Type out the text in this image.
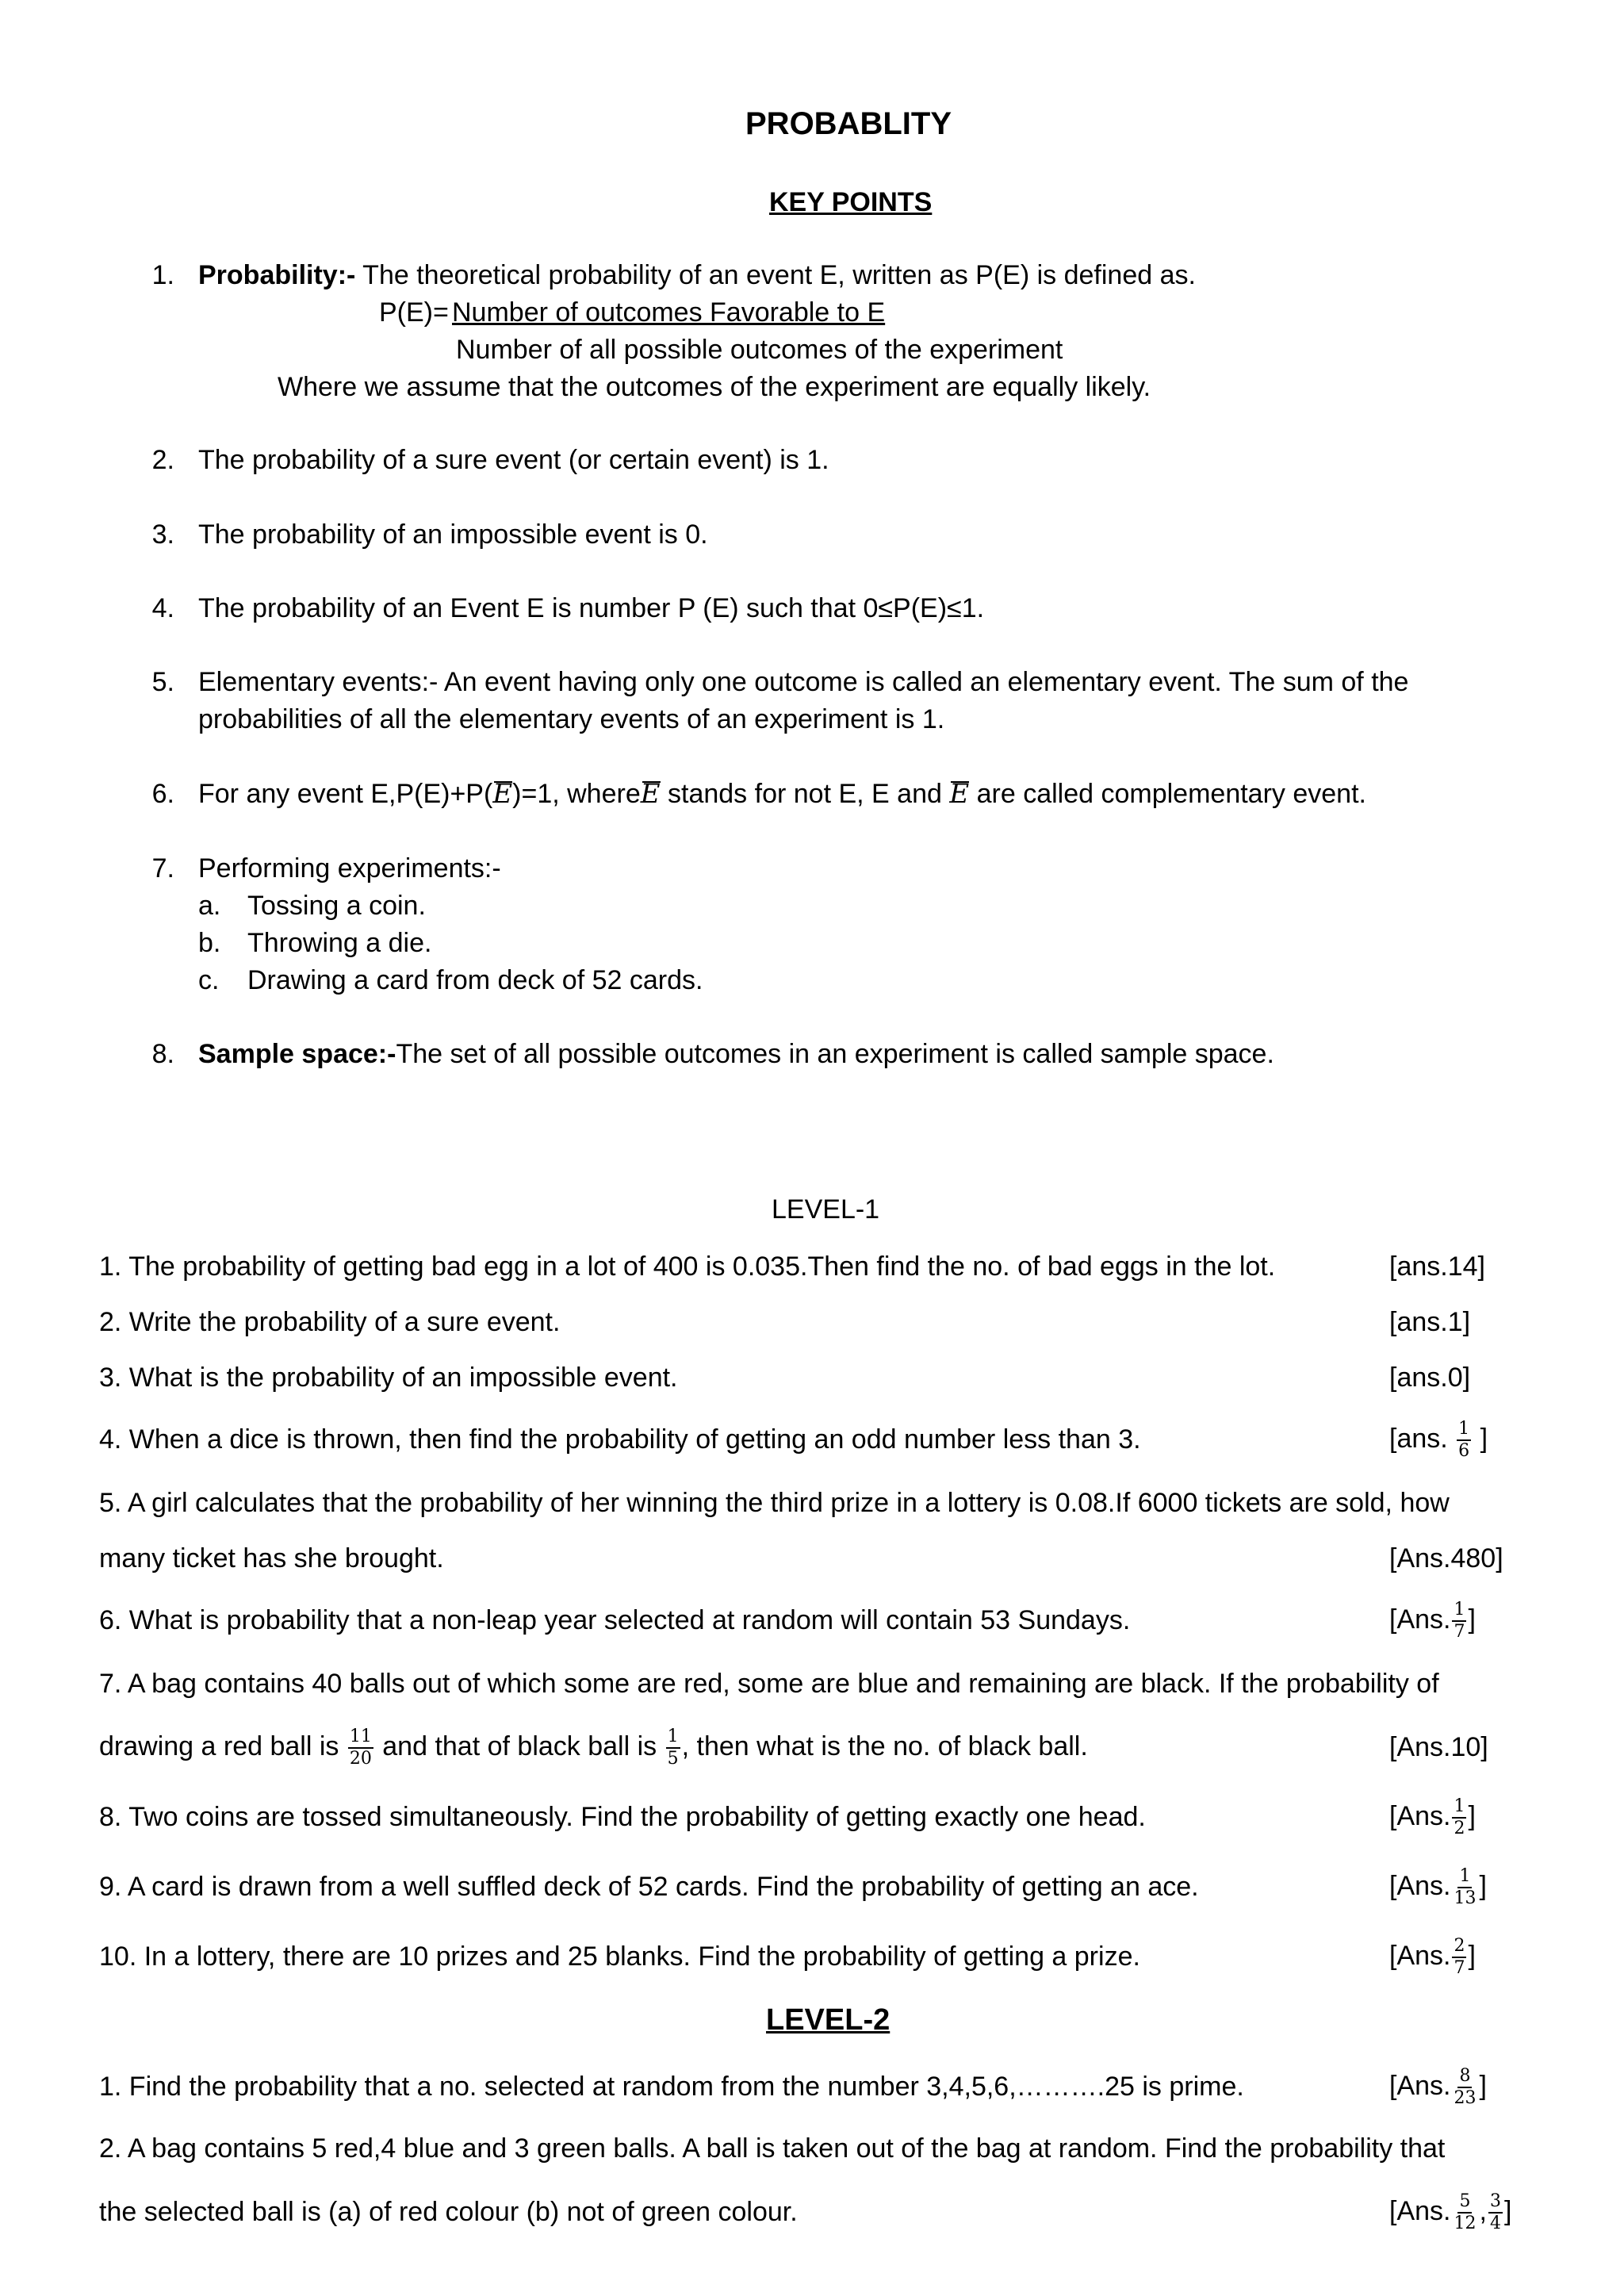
PROBABLITY
KEY POINTS
1. Probability:- The theoretical probability of an event E, written as P(E) is defined as.
P(E)= Number of outcomes Favorable to E
Number of all possible outcomes of the experiment
Where we assume that the outcomes of the experiment are equally likely.
2. The probability of a sure event (or certain event) is 1.
3. The probability of an impossible event is 0.
4. The probability of an Event E is number P (E) such that 0≤P(E)≤1.
5. Elementary events:- An event having only one outcome is called an elementary event. The sum of the
probabilities of all the elementary events of an experiment is 1.
6. For any event E,P(E)+P(E)=1, whereE stands for not E, E and E are called complementary event.
7. Performing experiments:-
a. Tossing a coin.
b. Throwing a die.
c. Drawing a card from deck of 52 cards.
8. Sample space:-The set of all possible outcomes in an experiment is called sample space.
LEVEL-1
1. The probability of getting bad egg in a lot of 400 is 0.035.Then find the no. of bad eggs in the lot.	[ans.14]
2. Write the probability of a sure event.	[ans.1]
3. What is the probability of an impossible event.	[ans.0]
4. When a dice is thrown, then find the probability of getting an odd number less than 3.	[ans. $\frac{1}{6}$ ]
5. A girl calculates that the probability of her winning the third prize in a lottery is 0.08.If 6000 tickets are sold, how
many ticket has she brought.	[Ans.480]
6. What is probability that a non-leap year selected at random will contain 53 Sundays.	[Ans. $\frac{1}{7}$ ]
7. A bag contains 40 balls out of which some are red, some are blue and remaining are black. If the probability of
drawing a red ball is $\frac{11}{20}$ and that of black ball is $\frac{1}{5}$ , then what is the no. of black ball.	[Ans.10]
8. Two coins are tossed simultaneously. Find the probability of getting exactly one head.	[Ans. $\frac{1}{2}$ ]
9. A card is drawn from a well suffled deck of 52 cards. Find the probability of getting an ace.	[Ans. $\frac{1}{13}$ ]
10. In a lottery, there are 10 prizes and 25 blanks. Find the probability of getting a prize.	[Ans. $\frac{2}{7}$ ]
LEVEL-2
1. Find the probability that a no. selected at random from the number 3,4,5,6,……….25 is prime.	[Ans. $\frac{8}{23}$ ]
2. A bag contains 5 red,4 blue and 3 green balls. A ball is taken out of the bag at random. Find the probability that
the selected ball is (a) of red colour (b) not of green colour.	[Ans. $\frac{5}{12}$ , $\frac{3}{4}$ ]
